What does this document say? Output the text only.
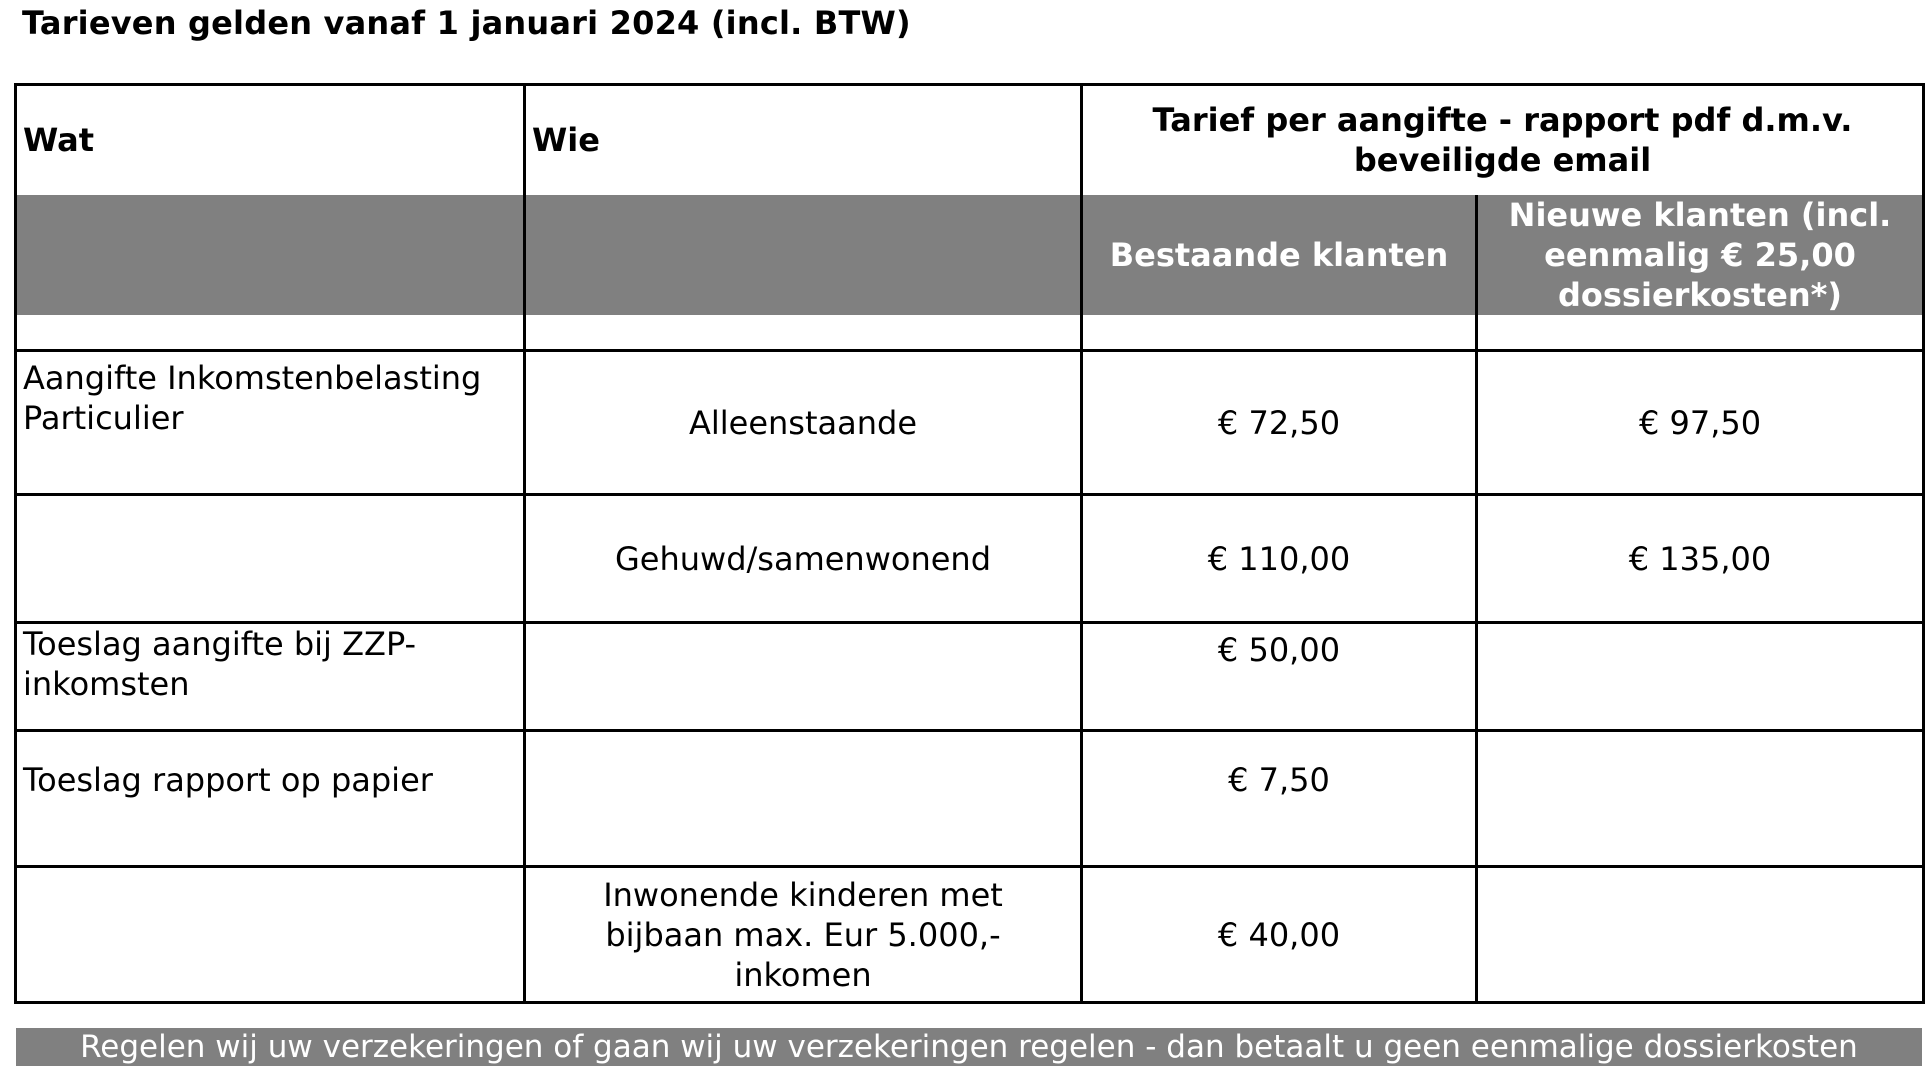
Tarieven gelden vanaf 1 januari 2024 (incl. BTW)
Wat	Wie	Tarief per aangifte - rapport pdf d.m.v. beveiligde email	
		Bestaande klanten	Nieuwe klanten (incl. eenmalig € 25,00 dossierkosten*)

Aangifte Inkomstenbelasting Particulier	Alleenstaande	€ 72,50	€ 97,50
	Gehuwd/samenwonend	€ 110,00	€ 135,00
Toeslag aangifte bij ZZP-inkomsten		€ 50,00	
Toeslag rapport op papier		€ 7,50	
	Inwonende kinderen met bijbaan max. Eur 5.000,- inkomen	€ 40,00	
Regelen wij uw verzekeringen of gaan wij uw verzekeringen regelen - dan betaalt u geen eenmalige dossierkosten
